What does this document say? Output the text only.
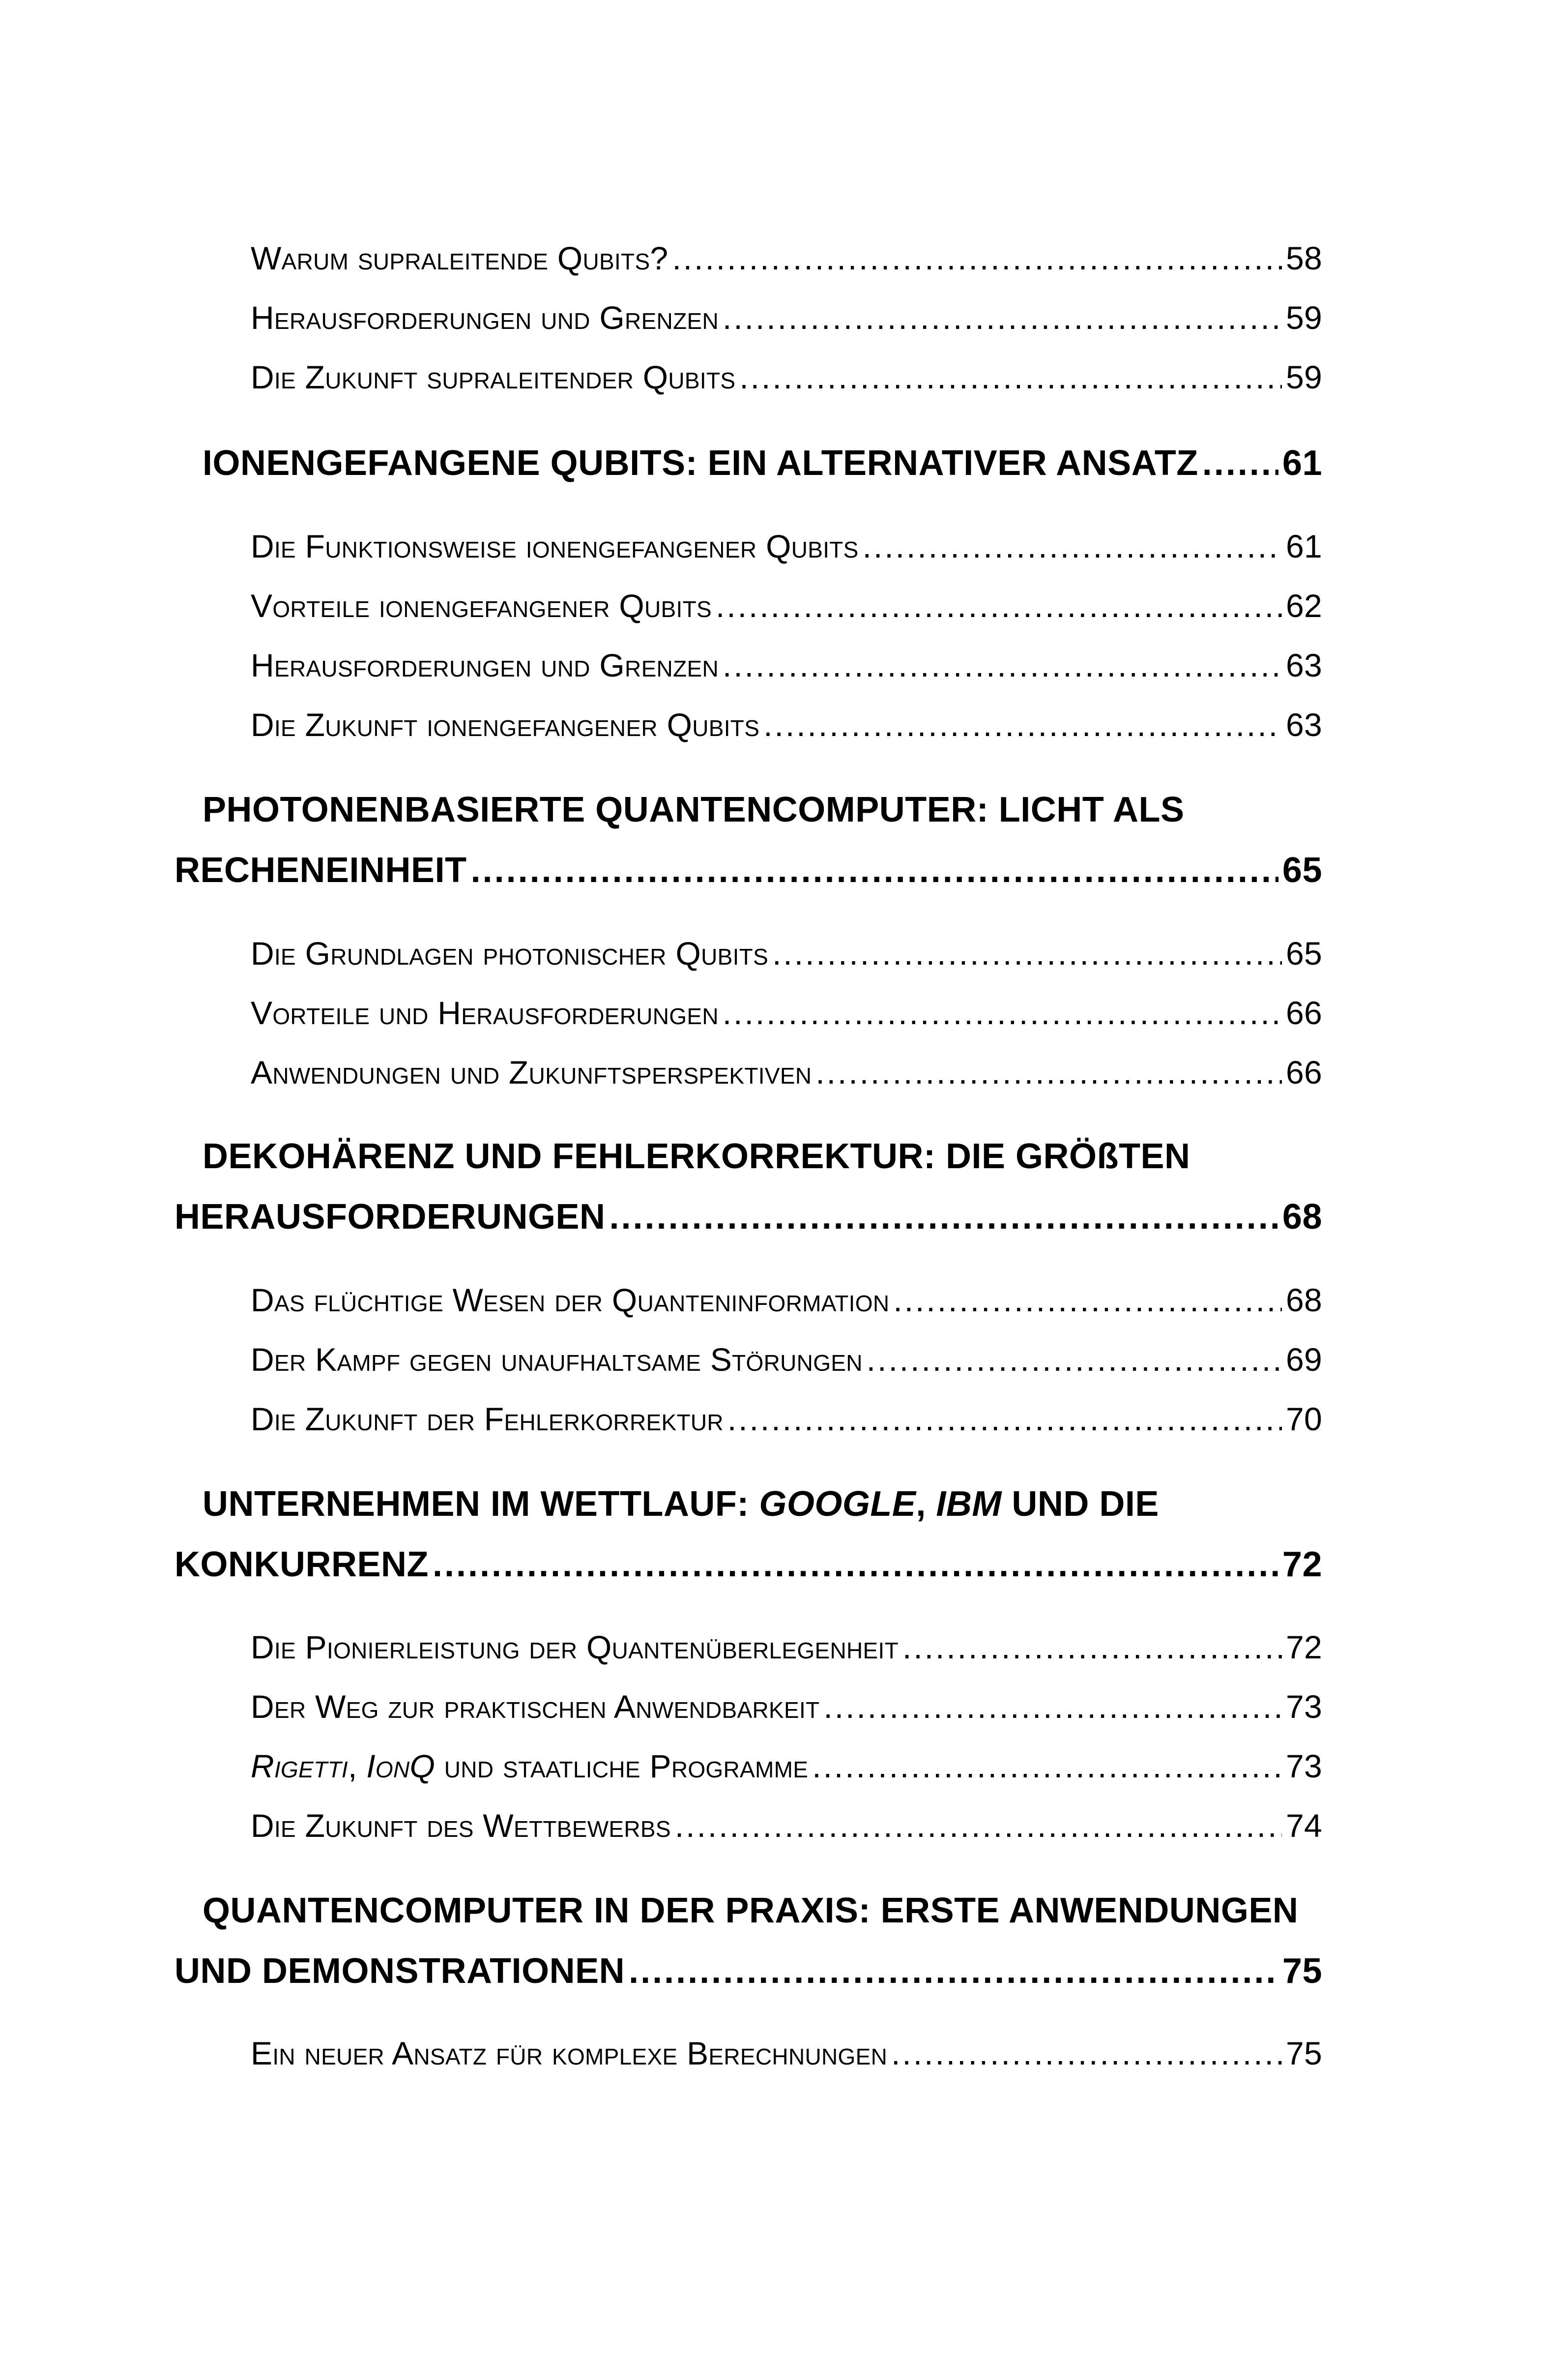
Warum supraleitende Qubits? .....	58
Herausforderungen und Grenzen .....	59
Die Zukunft supraleitender Qubits .....	59
IONENGEFANGENE QUBITS: EIN ALTERNATIVER ANSATZ ..... 61
Die Funktionsweise ionengefangener Qubits .....	61
Vorteile ionengefangener Qubits .....	62
Herausforderungen und Grenzen .....	63
Die Zukunft ionengefangener Qubits .....	63
PHOTONENBASIERTE QUANTENCOMPUTER: LICHT ALS
RECHENEINHEIT .....	65
Die Grundlagen photonischer Qubits .....	65
Vorteile und Herausforderungen .....	66
Anwendungen und Zukunftsperspektiven .....	66
DEKOHÄRENZ UND FEHLERKORREKTUR: DIE GRÖßTEN
HERAUSFORDERUNGEN .....	68
Das flüchtige Wesen der Quanteninformation .....	68
Der Kampf gegen unaufhaltsame Störungen .....	69
Die Zukunft der Fehlerkorrektur .....	70
UNTERNEHMEN IM WETTLAUF: GOOGLE, IBM UND DIE
KONKURRENZ .....	72
Die Pionierleistung der Quantenüberlegenheit .....	72
Der Weg zur praktischen Anwendbarkeit .....	73
Rigetti, IonQ und staatliche Programme .....	73
Die Zukunft des Wettbewerbs .....	74
QUANTENCOMPUTER IN DER PRAXIS: ERSTE ANWENDUNGEN
UND DEMONSTRATIONEN .....	75
Ein neuer Ansatz für komplexe Berechnungen .....	75
